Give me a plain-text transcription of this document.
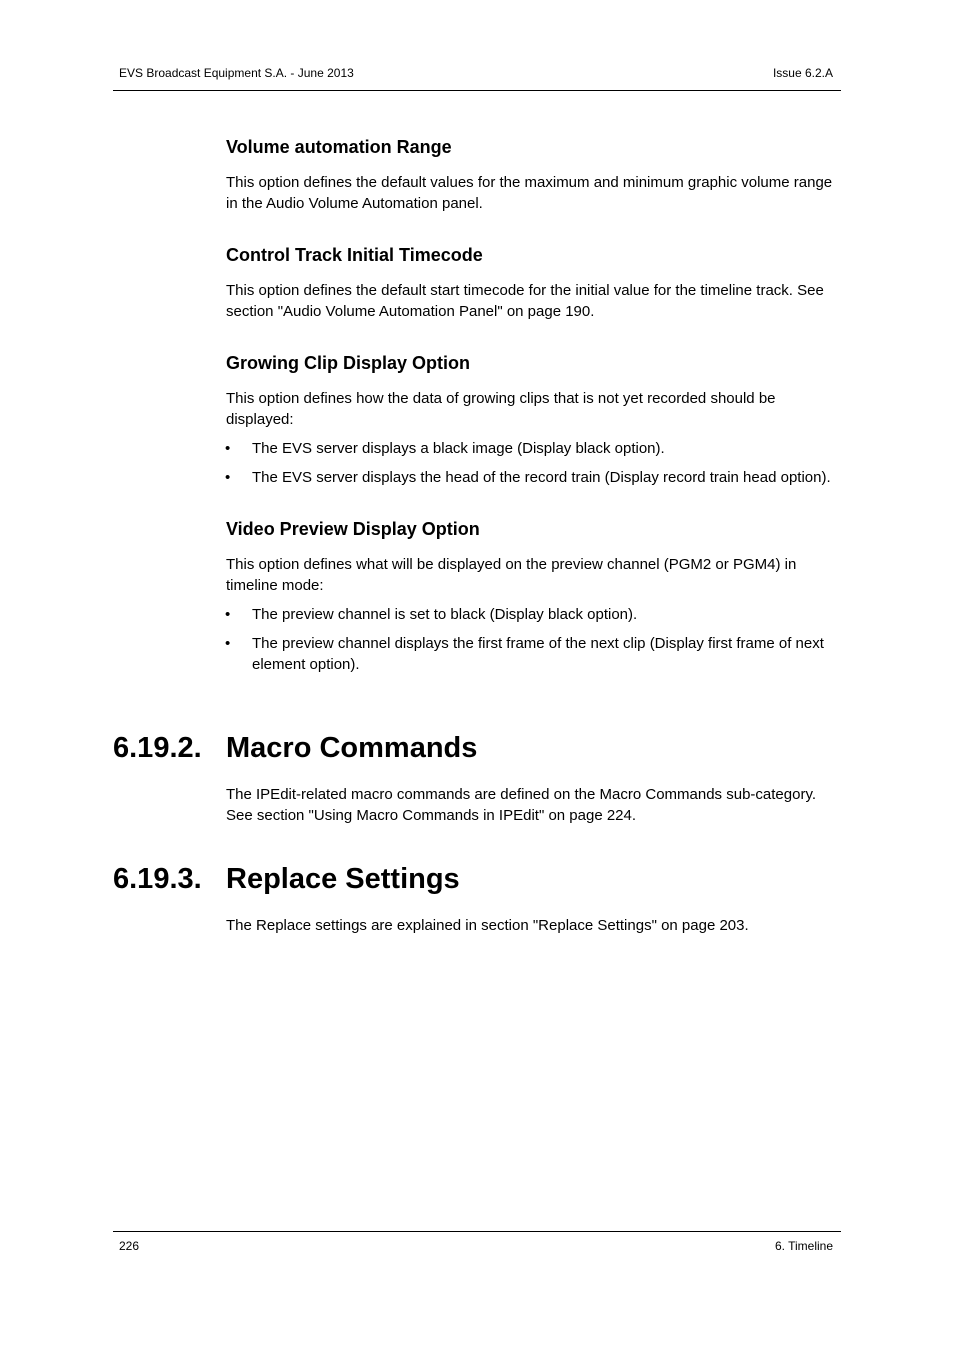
EVS Broadcast Equipment S.A. - June 2013	Issue 6.2.A
Volume automation Range

This option defines the default values for the maximum and minimum graphic volume range in the Audio Volume Automation panel.

Control Track Initial Timecode

This option defines the default start timecode for the initial value for the timeline track. See section "Audio Volume Automation Panel" on page 190.

Growing Clip Display Option

This option defines how the data of growing clips that is not yet recorded should be displayed:

• The EVS server displays a black image (Display black option).
• The EVS server displays the head of the record train (Display record train head option).
Video Preview Display Option

This option defines what will be displayed on the preview channel (PGM2 or PGM4) in timeline mode:

• The preview channel is set to black (Display black option).
• The preview channel displays the first frame of the next clip (Display first frame of next element option).
6.19.2. Macro Commands

The IPEdit-related macro commands are defined on the Macro Commands sub-category. See section "Using Macro Commands in IPEdit" on page 224.

6.19.3. Replace Settings

The Replace settings are explained in section "Replace Settings" on page 203.

226	6. Timeline
